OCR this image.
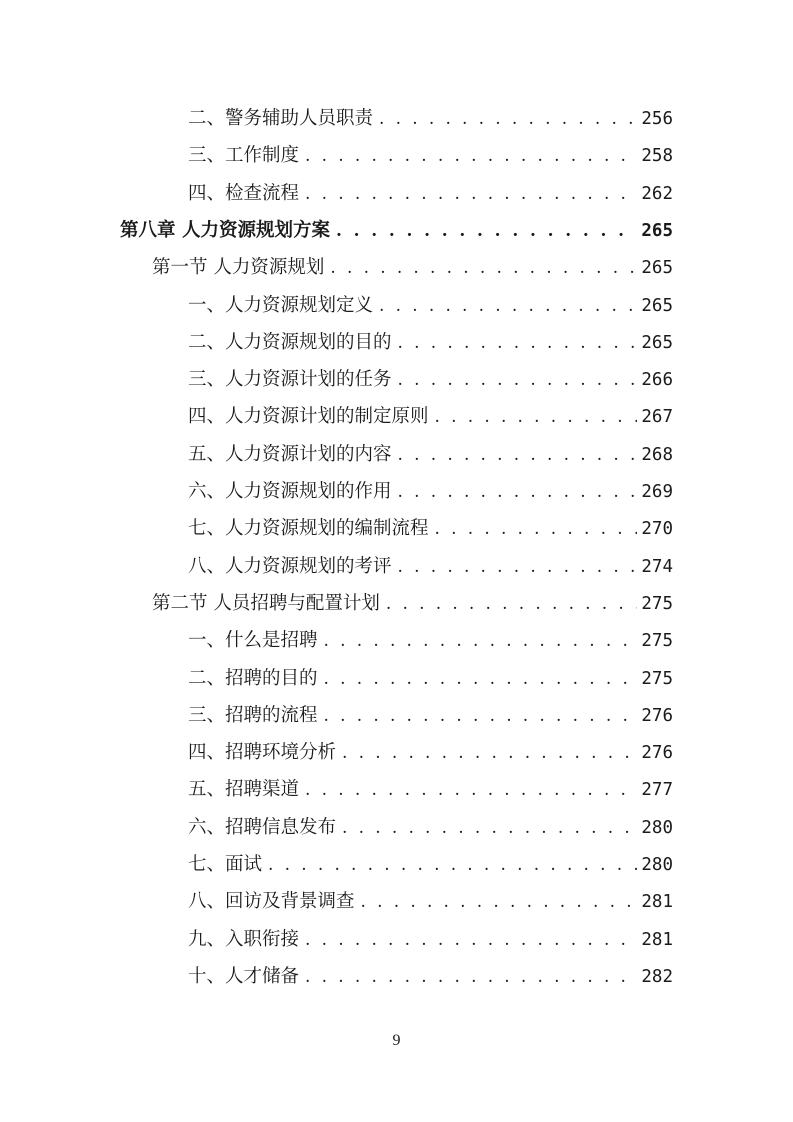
二、警务辅助人员职责 . . .	256
三、工作制度 . . .	258
四、检查流程 . . .	262
第八章 人力资源规划方案 . . .	265
第一节 人力资源规划 . . .	265
一、人力资源规划定义 . . .	265
二、人力资源规划的目的 . . .	265
三、人力资源计划的任务 . . .	266
四、人力资源计划的制定原则 . . .	267
五、人力资源计划的内容 . . .	268
六、人力资源规划的作用 . . .	269
七、人力资源规划的编制流程 . . .	270
八、人力资源规划的考评 . . .	274
第二节 人员招聘与配置计划 . . .	275
一、什么是招聘 . . .	275
二、招聘的目的 . . .	275
三、招聘的流程 . . .	276
四、招聘环境分析 . . .	276
五、招聘渠道 . . .	277
六、招聘信息发布 . . .	280
七、面试 . . .	280
八、回访及背景调查 . . .	281
九、入职衔接 . . .	281
十、人才储备 . . .	282
9
